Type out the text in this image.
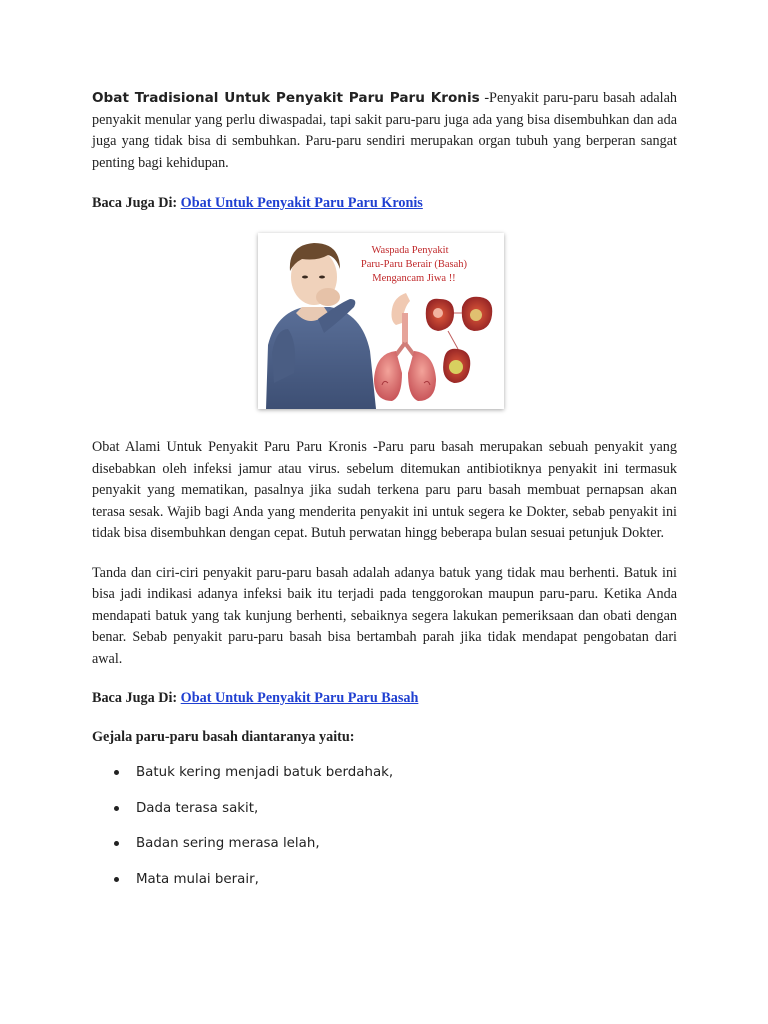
Obat Tradisional Untuk Penyakit Paru Paru Kronis -Penyakit paru-paru basah adalah penyakit menular yang perlu diwaspadai, tapi sakit paru-paru juga ada yang bisa disembuhkan dan ada juga yang tidak bisa di sembuhkan. Paru-paru sendiri merupakan organ tubuh yang berperan sangat penting bagi kehidupan.

Baca Juga Di: Obat Untuk Penyakit Paru Paru Kronis

Waspada Penyakit
Paru-Paru Berair (Basah)
Mengancam Jiwa !!

Obat Alami Untuk Penyakit Paru Paru Kronis -Paru paru basah merupakan sebuah penyakit yang disebabkan oleh infeksi jamur atau virus. sebelum ditemukan antibiotiknya penyakit ini termasuk penyakit yang mematikan, pasalnya jika sudah terkena paru paru basah membuat pernapsan akan terasa sesak. Wajib bagi Anda yang menderita penyakit ini untuk segera ke Dokter, sebab penyakit ini tidak bisa disembuhkan dengan cepat. Butuh perwatan hingg beberapa bulan sesuai petunjuk Dokter.

Tanda dan ciri-ciri penyakit paru-paru basah adalah adanya batuk yang tidak mau berhenti. Batuk ini bisa jadi indikasi adanya infeksi baik itu terjadi pada tenggorokan maupun paru-paru. Ketika Anda mendapati batuk yang tak kunjung berhenti, sebaiknya segera lakukan pemeriksaan dan obati dengan benar. Sebab penyakit paru-paru basah bisa bertambah parah jika tidak mendapat pengobatan dari awal.

Baca Juga Di: Obat Untuk Penyakit Paru Paru Basah

Gejala paru-paru basah diantaranya yaitu:

Batuk kering menjadi batuk berdahak,
Dada terasa sakit,
Badan sering merasa lelah,
Mata mulai berair,
